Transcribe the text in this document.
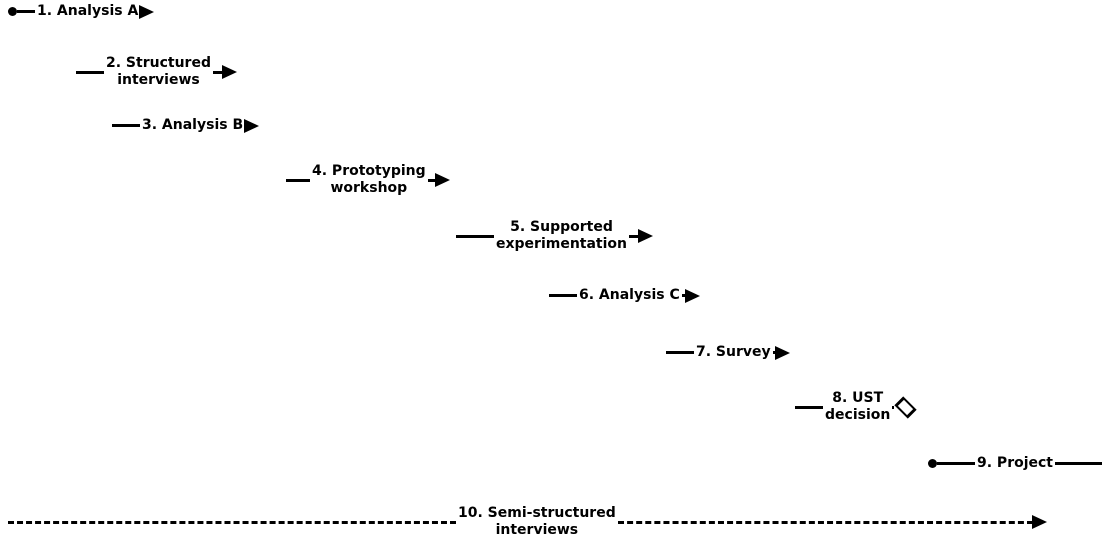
1. Analysis A
2. Structured
interviews
3. Analysis B
4. Prototyping
workshop
5. Supported
experimentation
6. Analysis C
7. Survey
8. UST
decision
9. Project
10. Semi-structured
interviews
